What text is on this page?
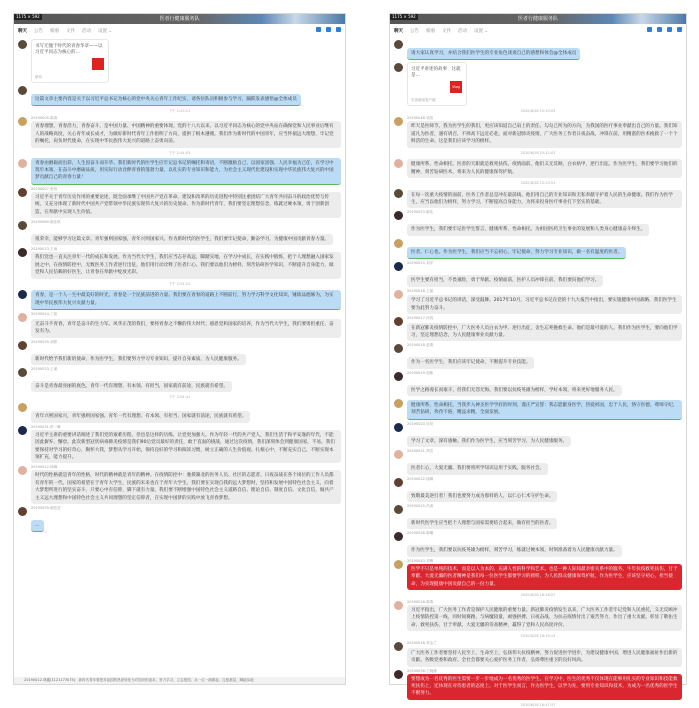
1175 × 592	医者行健康服务队
聊天 公告 相册 文件 活动 设置 ⌄
书写无愧于时代的青春华章——以习近平同志为核心的…
微信
这篇文章主要内容是关于以习近平总书记为核心的党中央关心青年工作纪实，请各位队员积极参与学习，踊跃发表感悟@全体成员
下午 2:43:21
20190005-陈涛
青春理想，青春活力，青春奋斗，是中国力量、中国精神的重要体现。党的十八大以来，以习近平同志为核心的党中央站在确保党和人民事业后继有人的战略高度，关心青年成长成才，为做好新时代青年工作指明了方向，提供了根本遵循。我们作为新时代的中国青年，应当怀揣远大理想，牢记党的嘱托，肩负时代使命，在实现中华民族伟大复兴的道路上奋勇向前。
下午 2:44:03
青春由磨砺而出彩，人生因奋斗而升华。我们新时代的医学生应牢记总书记的嘱托和寄语，不断激励自己，以国家富强、人民幸福为己任，在学习中筑牢本领，在奋斗中磨砺品质，用实际行动诠释青春的蓬勃力量。以扎实的专业知识和能力，为社会主义现代化建设和实现中华民族伟大复兴的中国梦贡献自己的青春力量！
20190007-张玥
习近平关于青年历史作用的重要论述，既全面承继了中国共产党在革命、建设和改革的历史进程中特别注重团结广大青年共同奋斗的政治优势与传统，又充分体现了新时代中国共产党带领中华民族实现伟大复兴的历史使命。作为新时代青年，我们要坚定理想信念，练就过硬本领，勇于创新创造，在奉献中实现人生价值。
20190060-陈佳琪
很荣幸，能够学习这篇文章。青年强则国家强，青年兴则国家兴。作为新时代的医学生，我们要牢记使命，勤奋学习，为健康中国贡献青春力量。
20190013-王雨
我们党也一直关注青年一代的成长和发展。作为当代大学生，我们应当志存高远，脚踏实地，在学习中成长，在实践中锻炼，把个人理想融入国家发展之中。在疫情防控中，无数医务工作者逆行出征，他们用行动诠释了医者仁心。我们要以他们为榜样，刻苦钻研医学知识，不断提升自身能力，做党和人民信赖的好医生，让青春在奉献中绽放光彩。
下午 2:51:22
青春，是一个人一生中最美好的时光，青春是一个民族前进的力量。我们要在青春的道路上不断前行，努力学习科学文化知识，锤炼品德修为，为实现中华民族伟大复兴贡献力量。
20190024-丁凯
无奋斗不青春，青年是奋斗的生力军。风华正茂的我们，要将青春之不懈的伟大时代；感恩党和国家的培养，作为当代大学生，我们要勇担重任，奋发有为。
20190030-刘婷
新时代给予我们新的使命，作为医学生，我们要努力学习专业知识，提升自身素质，为人民健康服务。
20190033-王丽
奋斗是青春最亮丽的底色。青年一代有理想、有本领、有担当，国家就有前途，民族就有希望。
下午 2:54:41
青年兴则国家兴，青年强则国家强。青年一代有理想、有本领、有担当，国家就有前途，民族就有希望。
20190031-彭一琳
习近平主席的重要讲话阐述了我们党的艰难历程，但也是这样的历练，让党更加强大。作为年轻一代的共产党人，我们生活于和平安逸的年代，不能因此摒弃、懈怠。此次新型冠状病毒肺炎疫情是我们90后党员最好的责任，敢于直面的挑战，通过这次疫情，我们深刻体会到健康国家，不易。我们要保持对学习的好奇心，胸怀大我，梦想从学习开始，保持良好的学习和阅读习惯，树立正确的人生价值观。扎根心中，不断充实自己，不断实现本领扩充，能力提升。
20190012-杨琳
时代的性格就是青年的性格，时代的精神就是青年的精神。在疫情防控中：驰援湖北的医务人员、社区的志愿者、日夜奋战在各个岗位的工作人员都有青年的一代。国家的希望在于青年大学生，民族的未来也在于青年大学生。我们要在实现自我的远大梦想时，坚持和发展中国特色社会主义，向着大梦想所进行的坚实奋斗，只要心中有信仰，脚下就有力量。我们要不断增强中国特色社会主义道路自信、理论自信、制度自信、文化自信，做共产主义远大理想和中国特色社会主义共同理想的坚定信仰者，在实现中国梦的实践中放飞青春梦想。
20190039-陈钰莹
…
20190012-林鑫(1121173075)：新时代青年要把对祖国的热爱转化为对知识的追求，努力学习，立志报国，从一点一滴做起，扎根基层，脚踏实地
1175 × 592	医者行健康服务队
聊天 公告 相册 文件 活动 设置 ⌄
请大家认真学习，并结合我们医学生的专业角色谈谈自己的感想和体会@全体成员
习近平讲述的故事：这就是…
Vlog
央视新闻客户端
2020/6/28 15:10:03
20190048-吴阳
昨天是医师节，我为医学生的我们，更应该知道自己肩上的责任。勾勾己所为的方向，为我国的医疗事业奉献出自己的力量。我们知道凡为医者，遇有请召，不择高下远近必赴。面对新冠肺炎疫情，广大医务工作者日夜奋战，冲锋在前，用精湛的医术挽救了一个个鲜活的生命。这是我们应该学习的榜样。
2020/6/28 15:12:03
健康所系，性命相托。医者的天职就是救死扶伤。疫情面前，他们义无反顾，白衣执甲，逆行出征。作为医学生，我们要学习他们的精神，刻苦钻研医术，将来为人民的健康保驾护航。
2020/6/28 15:20:51
在每一次重大疫情的面前，医务工作者总是冲在最前线。他们用自己的专业知识和无私奉献守护着人民的生命健康。我们作为医学生，应当以他们为榜样，努力学习，不断提高自身能力，为将来投身医疗事业打下坚实的基础。
20190023-陈兆
作为医学生，我们要牢记医学生誓言，健康所系，性命相托。为祖国医药卫生事业的发展和人类身心健康奋斗终生。
医者，仁心也。作为医学生，我们应当不忘初心，牢记使命，努力学习专业知识，做一名有温度的医者。
20190015-刘洋
医学生要有担当，不畏艰险，勇于奉献。疫情面前，医护人员冲锋在前，我们要向他们学习。
20190016-王磊
学习了习近平总书记的讲话，深受鼓舞。2017年10月，习近平总书记在党的十九大报告中指出，要实施健康中国战略，我们医学生要为此努力奋斗。
20190017-孙悦
在新冠肺炎疫情防控中，广大医务人员白衣为甲、逆行出征，舍生忘死挽救生命。他们是最可爱的人。我们作为医学生，要向他们学习，坚定理想信念，为人民健康事业贡献力量。
20190018-赵倩
作为一名医学生，我们应该牢记使命，不断提升专业技能。
20190019-周敏
医学之路漫长而艰辛，但我们无怨无悔。我们要以抗疫英雄为榜样，学好本领，将来更好地服务人民。
健康所系，性命相托。当我步入神圣医学学府的时刻，谨庄严宣誓：我志愿献身医学，热爱祖国，忠于人民，恪守医德，尊师守纪，刻苦钻研，孜孜不倦，精益求精，全面发展。
20190020-吴昊
学习了文章，深有感触。我们作为医学生，应当刻苦学习，为人民健康服务。
20190021-郑雪
医者仁心，大爱无疆。我们要将所学知识运用于实践，服务社会。
20190022-钱琳
致敬最美逆行者！我们也要努力成为那样的人，以仁心仁术守护生命。
20190025-冯涛
新时代医学生应当把个人理想与国家需要结合起来，做有担当的医者。
20190026-陈曦
作为医学生，我们要以抗疫英雄为榜样，刻苦学习，练就过硬本领，时刻准备着为人民健康贡献力量。
20190043-刘博
医学不只是单纯的技术，而是以人为本的、充满人性的科学和艺术。也是一种人际间最亲密关系中的服务。牛年抗疫救死扶伤，甘于奉献、大爱无疆的医者精神是我们每一位医学生都要学习的榜样，为人民群众健康保驾护航，作为医学生，应该坚守初心，担当使命，为实现健康中国贡献自己的一份力量。
2020/6/28 16:18:07
20190016-陈瑞
习近平指出，广大医务工作者是保护人民健康的重要力量。新冠肺炎疫情发生以来，广大医务工作者牢记党和人民重托，义无反顾冲上疫情防控第一线，同时间赛跑、与病魔较量，顽强拼搏、日夜奋战，为抗击疫情付出了艰苦努力，作出了重大贡献。彰显了敬佑生命、救死扶伤、甘于奉献、大爱无疆的崇高精神，赢得了党和人民高度评价。
2020/6/28 16:19:13
20190018-李金兰
广大医务工作者要坚持人民至上、生命至上，弘扬伟大抗疫精神，努力促进医学进步，为建设健康中国、增进人民健康福祉作出新的贡献。各级党委和政府、全社会都要关心爱护医务工作者，弘扬尊医重卫的良好风尚。
20190036-王晓涵
要想成为一名优秀的医生需要一步一步地成为一名优秀的医学生。在学习中，医生的优秀不仅体现在能够用扎实的专业知识和技能救死扶伤上，还体现在对待患者的态度上。对于医学生而言，作为医学生，以学为先，要用专业知识和技术，为成为一名优秀的医学生不断努力。
2020/6/28 16:47:37
